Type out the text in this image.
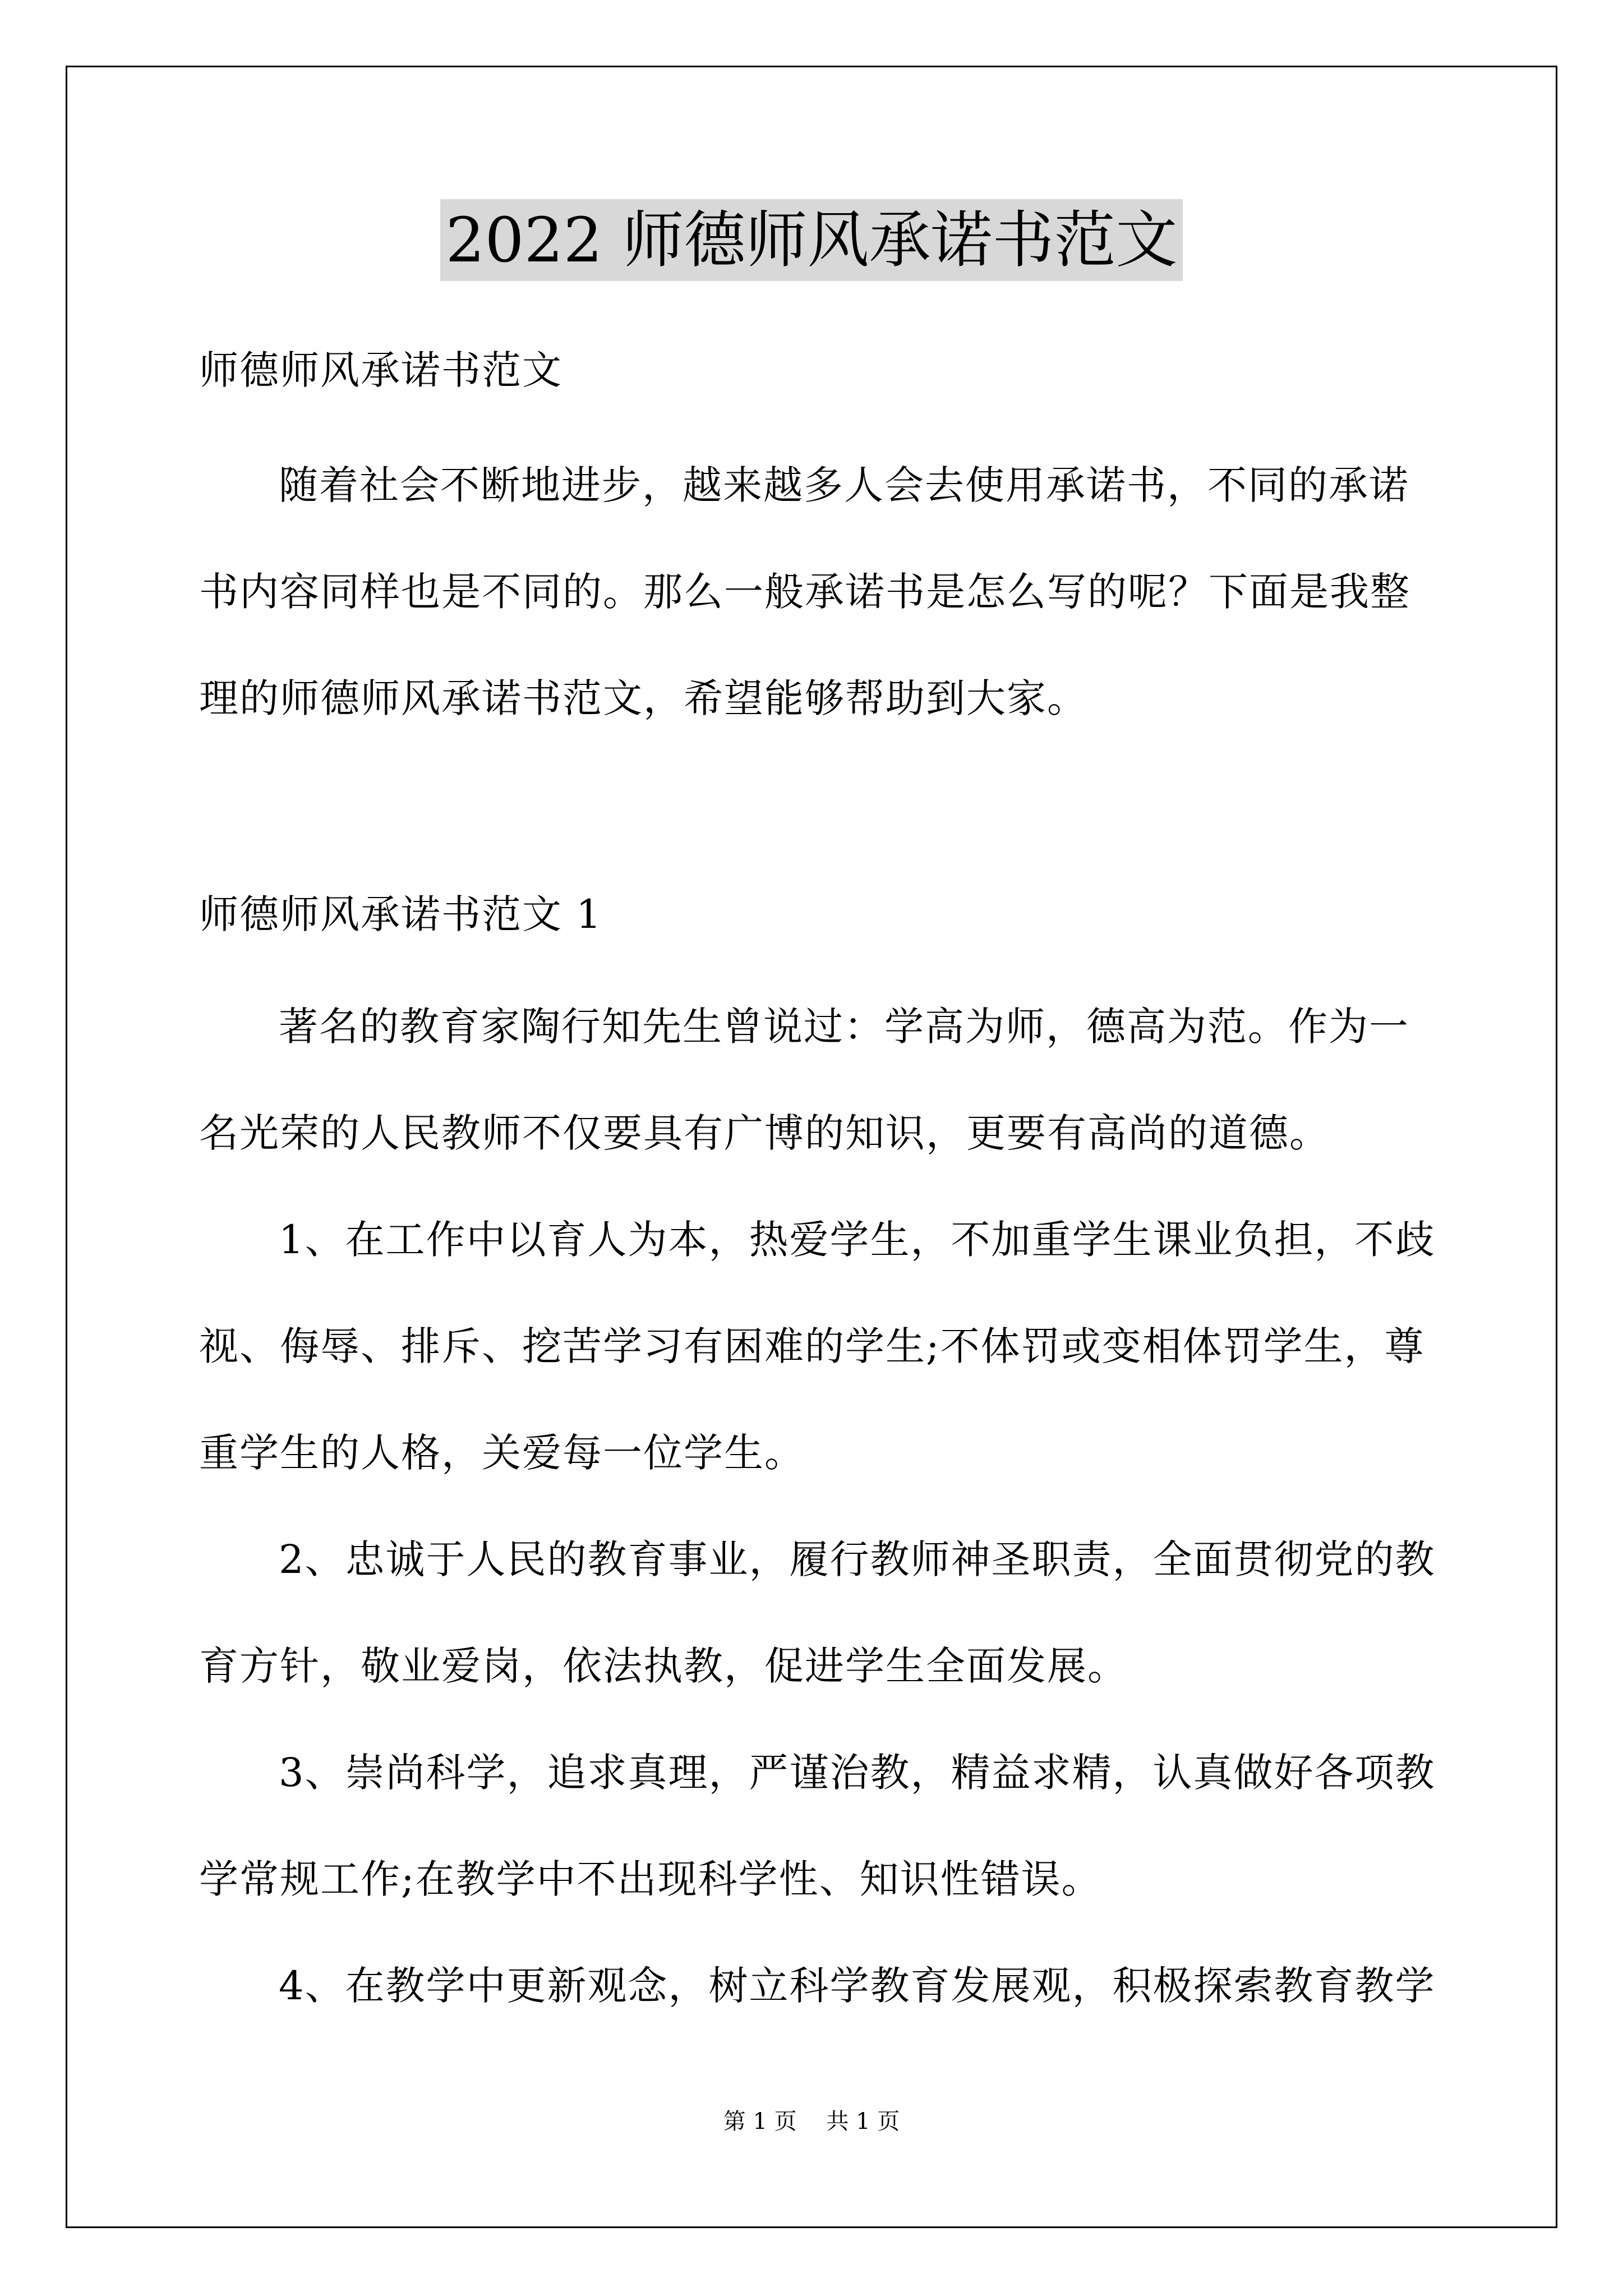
2022 师德师风承诺书范文

师德师风承诺书范文

随着社会不断地进步，越来越多人会去使用承诺书，不同的承诺
书内容同样也是不同的。那么一般承诺书是怎么写的呢？下面是我整
理的师德师风承诺书范文，希望能够帮助到大家。

师德师风承诺书范文 1

著名的教育家陶行知先生曾说过：学高为师，德高为范。作为一
名光荣的人民教师不仅要具有广博的知识，更要有高尚的道德。

1、在工作中以育人为本，热爱学生，不加重学生课业负担，不歧
视、侮辱、排斥、挖苦学习有困难的学生;不体罚或变相体罚学生，尊
重学生的人格，关爱每一位学生。

2、忠诚于人民的教育事业，履行教师神圣职责，全面贯彻党的教
育方针，敬业爱岗，依法执教，促进学生全面发展。

3、崇尚科学，追求真理，严谨治教，精益求精，认真做好各项教
学常规工作;在教学中不出现科学性、知识性错误。

4、在教学中更新观念，树立科学教育发展观，积极探索教育教学

第 1 页 共 1 页
